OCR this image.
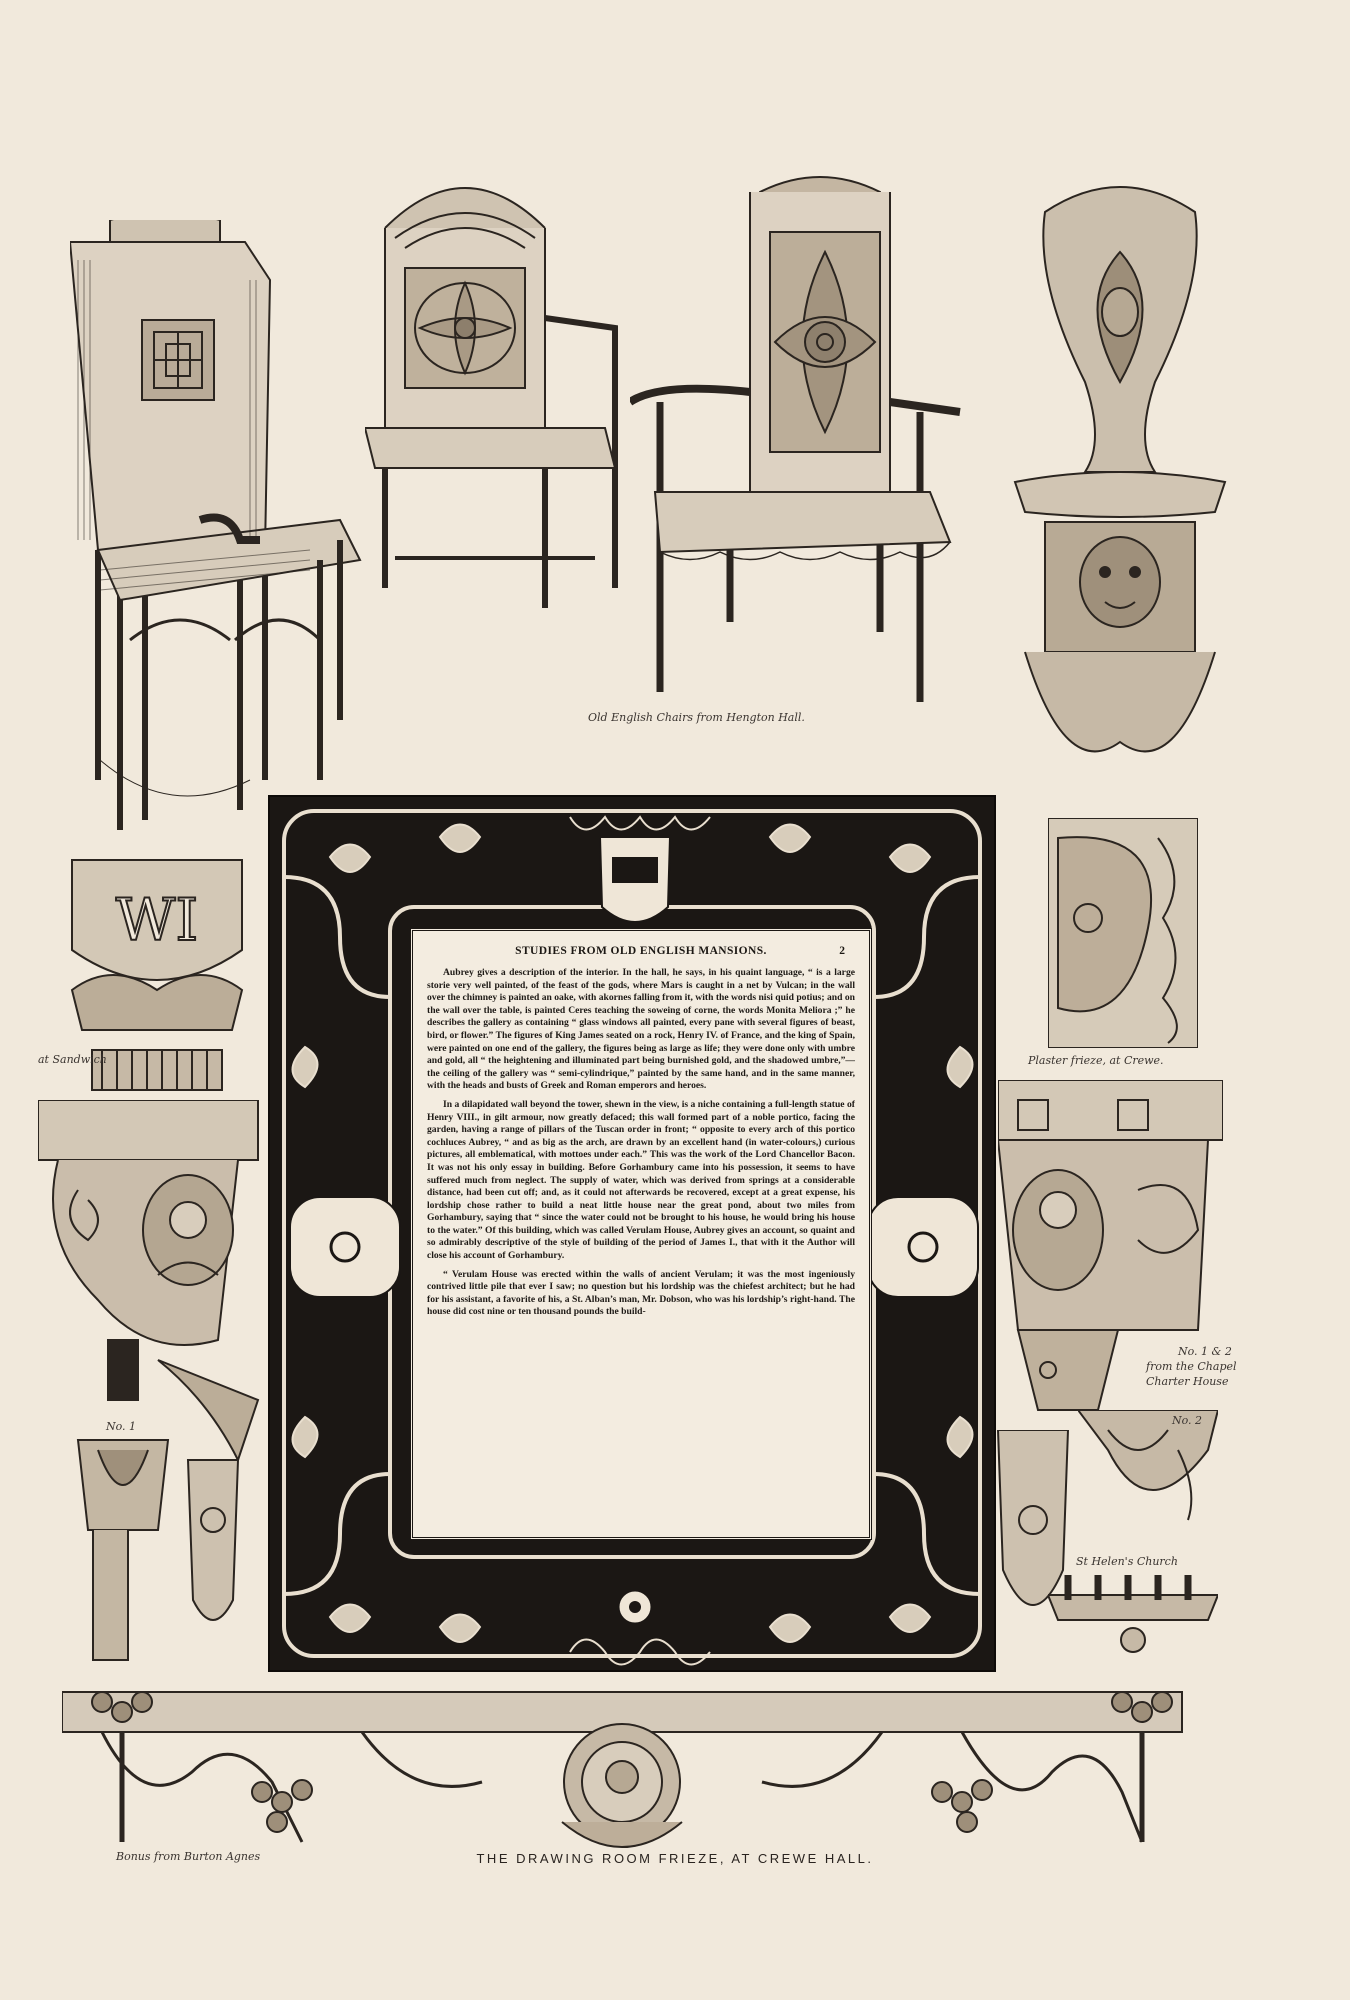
Old English Chairs from Hengton Hall.
WI
at Sandwich
No. 1
Plaster frieze, at Crewe.
No. 1 & 2
from the Chapel
Charter House
No. 2
St Helen's Church
STUDIES FROM OLD ENGLISH MANSIONS.	2

Aubrey gives a description of the interior. In the hall, he says, in his quaint language, “ is a large storie very well painted, of the feast of the gods, where Mars is caught in a net by Vulcan; in the wall over the chimney is painted an oake, with akornes falling from it, with the words nisi quid potius; and on the wall over the table, is painted Ceres teaching the soweing of corne, the words Monita Meliora ;” he describes the gallery as containing “ glass windows all painted, every pane with several figures of beast, bird, or flower.” The figures of King James seated on a rock, Henry IV. of France, and the king of Spain, were painted on one end of the gallery, the figures being as large as life; they were done only with umbre and gold, all “ the heightening and illuminated part being burnished gold, and the shadowed umbre,”—the ceiling of the gallery was “ semi-cylindrique,” painted by the same hand, and in the same manner, with the heads and busts of Greek and Roman emperors and heroes.

In a dilapidated wall beyond the tower, shewn in the view, is a niche containing a full-length statue of Henry VIII., in gilt armour, now greatly defaced; this wall formed part of a noble portico, facing the garden, having a range of pillars of the Tuscan order in front; “ opposite to every arch of this portico cochluces Aubrey, “ and as big as the arch, are drawn by an excellent hand (in water-colours,) curious pictures, all emblematical, with mottoes under each.” This was the work of the Lord Chancellor Bacon. It was not his only essay in building. Before Gorhambury came into his possession, it seems to have suffered much from neglect. The supply of water, which was derived from springs at a considerable distance, had been cut off; and, as it could not afterwards be recovered, except at a great expense, his lordship chose rather to build a neat little house near the great pond, about two miles from Gorhambury, saying that “ since the water could not be brought to his house, he would bring his house to the water.” Of this building, which was called Verulam House, Aubrey gives an account, so quaint and so admirably descriptive of the style of building of the period of James I., that with it the Author will close his account of Gorhambury.

“ Verulam House was erected within the walls of ancient Verulam; it was the most ingeniously contrived little pile that ever I saw; no question but his lordship was the chiefest architect; but he had for his assistant, a favorite of his, a St. Alban’s man, Mr. Dobson, who was his lordship’s right-hand. The house did cost nine or ten thousand pounds the build-

Bonus from Burton Agnes	THE DRAWING ROOM FRIEZE, AT CREWE HALL.
